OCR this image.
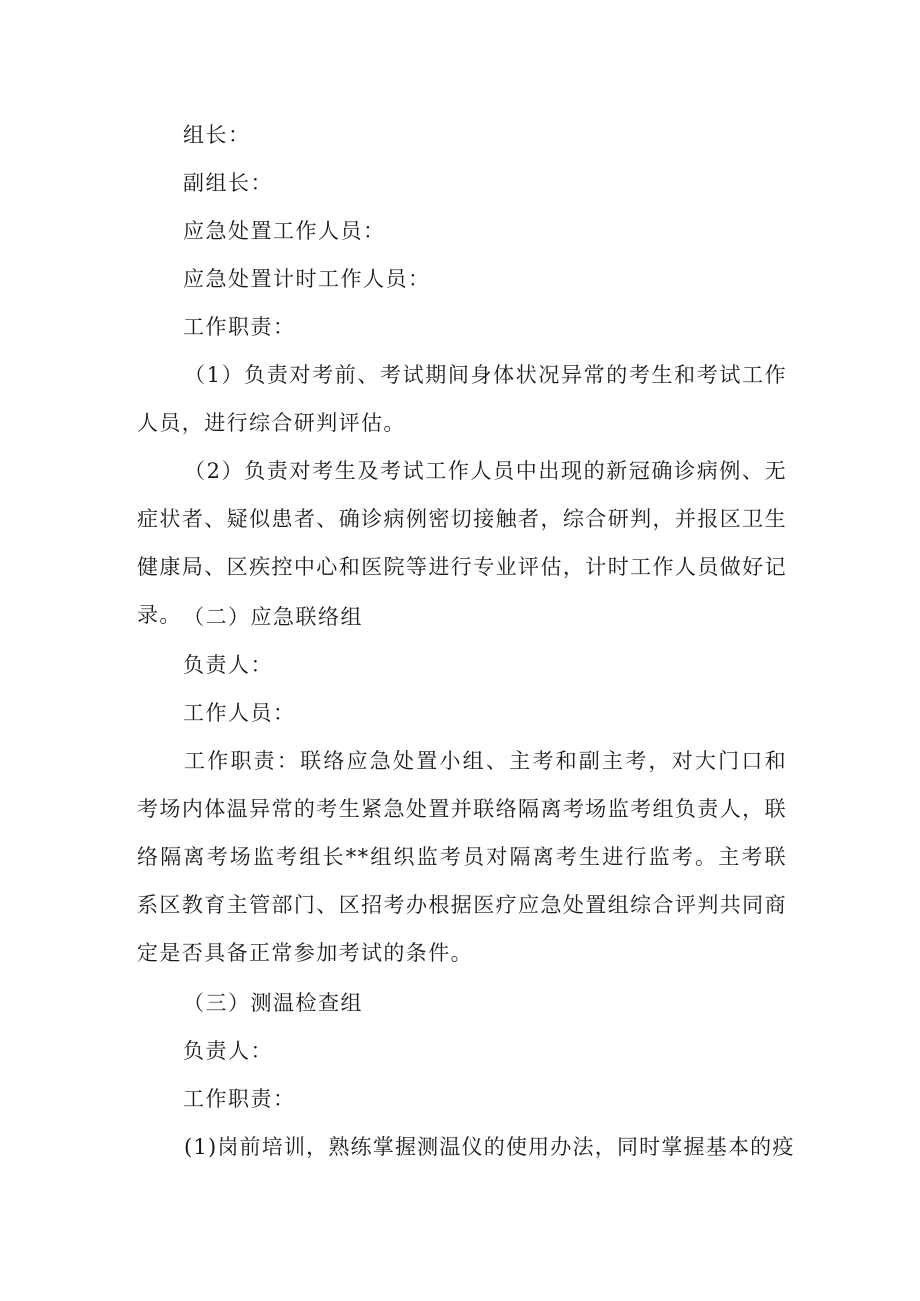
组长：
副组长：
应急处置工作人员：
应急处置计时工作人员：
工作职责：

（1）负责对考前、考试期间身体状况异常的考生和考试工作人员，进行综合研判评估。

（2）负责对考生及考试工作人员中出现的新冠确诊病例、无症状者、疑似患者、确诊病例密切接触者，综合研判，并报区卫生健康局、区疾控中心和医院等进行专业评估，计时工作人员做好记录。 （二）应急联络组
负责人：
工作人员：

工作职责：联络应急处置小组、主考和副主考，对大门口和考场内体温异常的考生紧急处置并联络隔离考场监考组负责人，联络隔离考场监考组长**组织监考员对隔离考生进行监考。主考联系区教育主管部门、区招考办根据医疗应急处置组综合评判共同商定是否具备正常参加考试的条件。

（三）测温检查组
负责人：
工作职责：
(1)岗前培训，熟练掌握测温仪的使用办法，同时掌握基本的疫
